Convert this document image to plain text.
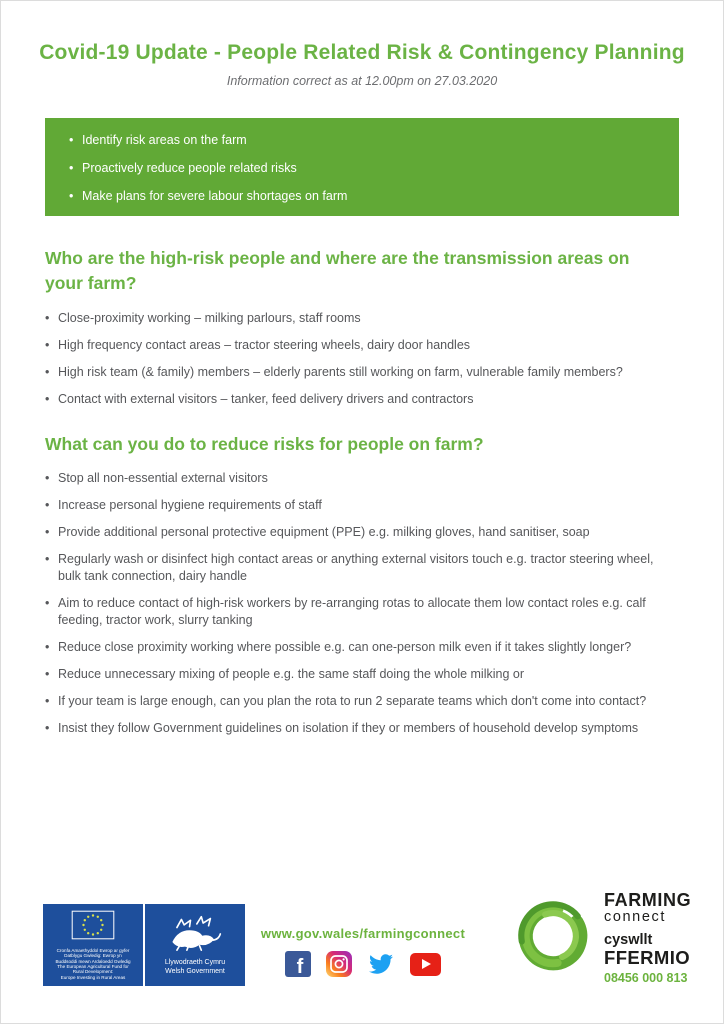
Covid-19 Update - People Related Risk & Contingency Planning

Information correct as at 12.00pm on 27.03.2020

• Identify risk areas on the farm
• Proactively reduce people related risks
• Make plans for severe labour shortages on farm
Who are the high-risk people and where are the transmission areas on your farm?
• Close-proximity working – milking parlours, staff rooms
• High frequency contact areas – tractor steering wheels, dairy door handles
• High risk team (& family) members – elderly parents still working on farm, vulnerable family members?
• Contact with external visitors – tanker, feed delivery drivers and contractors
What can you do to reduce risks for people on farm?
• Stop all non-essential external visitors
• Increase personal hygiene requirements of staff
• Provide additional personal protective equipment (PPE) e.g. milking gloves, hand sanitiser, soap
• Regularly wash or disinfect high contact areas or anything external visitors touch e.g. tractor steering wheel, bulk tank connection, dairy handle
• Aim to reduce contact of high-risk workers by re-arranging rotas to allocate them low contact roles e.g. calf feeding, tractor work, slurry tanking
• Reduce close proximity working where possible e.g. can one-person milk even if it takes slightly longer?
• Reduce unnecessary mixing of people e.g. the same staff doing the whole milking or
• If your team is large enough, can you plan the rota to run 2 separate teams which don't come into contact?
• Insist they follow Government guidelines on isolation if they or members of household develop symptoms
Cronfa Amaethyddol Ewrop ar gyfer
Datblygu Gwledig: Ewrop yn
Buddsoddi mewn Ardaloedd Gwledig
The European Agricultural Fund for
Rural Development:
Europe Investing in Rural Areas
Llywodraeth Cymru
Welsh Government
www.gov.wales/farmingconnect
f
FARMING
connect
cyswllt
FFERMIO
08456 000 813
